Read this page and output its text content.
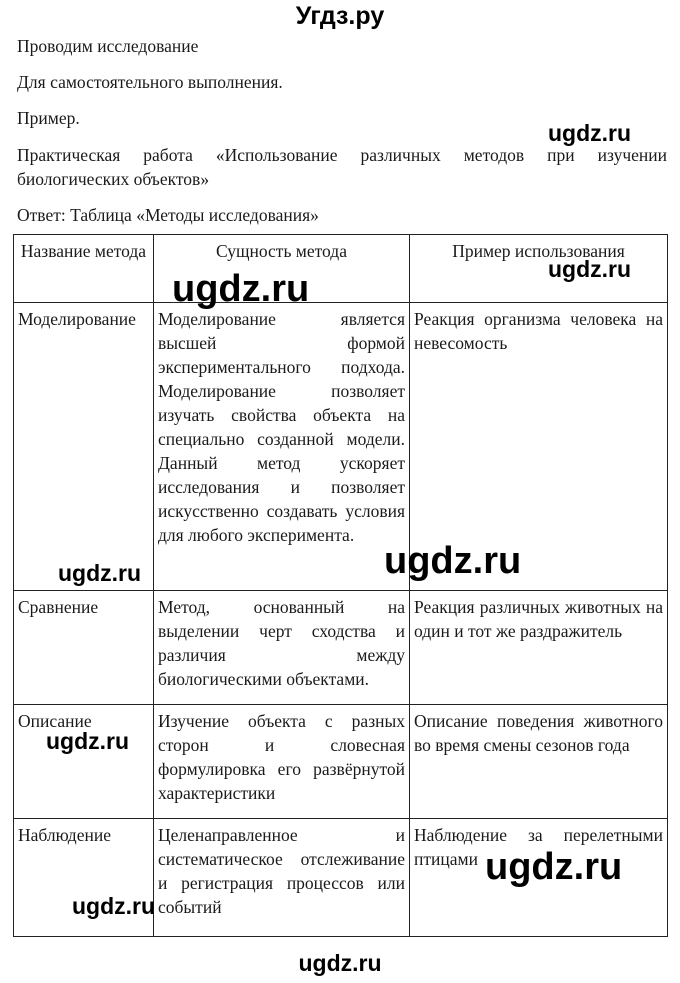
Угдз.ру
Проводим исследование
Для самостоятельного выполнения.
Пример.
Практическая работа «Использование различных методов при изучении биологических объектов»
Ответ: Таблица «Методы исследования»
Название метода	Сущность метода	Пример использования
Моделирование	Моделирование является высшей формой экспериментального подхода. Моделирование позволяет изучать свойства объекта на специально созданной модели. Данный метод ускоряет исследования и позволяет искусственно создавать условия для любого эксперимента.	Реакция организма человека на невесомость
Сравнение	Метод, основанный на выделении черт сходства и различия между биологическими объектами.	Реакция различных животных на один и тот же раздражитель
Описание	Изучение объекта с разных сторон и словесная формулировка его развёрнутой характеристики	Описание поведения животного во время смены сезонов года
Наблюдение	Целенаправленное и систематическое отслеживание и регистрация процессов или событий	Наблюдение за перелетными птицами
ugdz.ru
ugdz.ru
ugdz.ru
ugdz.ru	ugdz.ru
ugdz.ru
ugdz.ru
ugdz.ru
ugdz.ru
